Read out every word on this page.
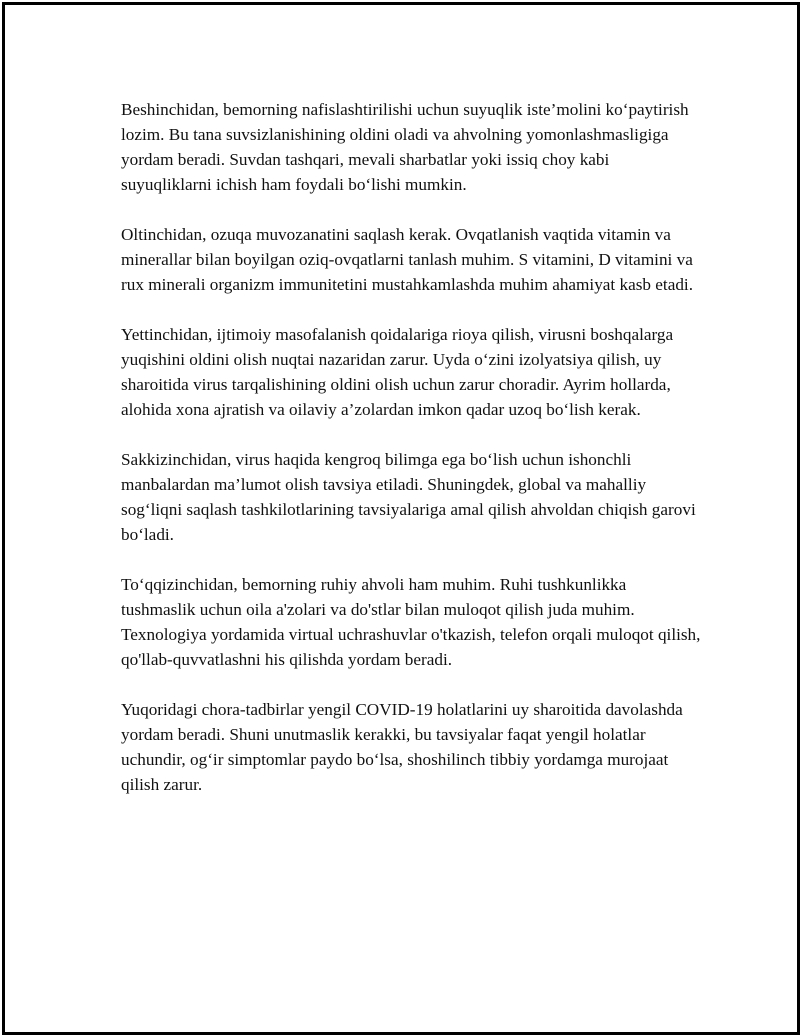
Beshinchidan, bemorning nafislashtirilishi uchun suyuqlik iste’molini ko‘paytirish lozim. Bu tana suvsizlanishining oldini oladi va ahvolning yomonlashmasligiga yordam beradi. Suvdan tashqari, mevali sharbatlar yoki issiq choy kabi suyuqliklarni ichish ham foydali bo‘lishi mumkin.

Oltinchidan, ozuqa muvozanatini saqlash kerak. Ovqatlanish vaqtida vitamin va minerallar bilan boyilgan oziq-ovqatlarni tanlash muhim. S vitamini, D vitamini va rux minerali organizm immunitetini mustahkamlashda muhim ahamiyat kasb etadi.

Yettinchidan, ijtimoiy masofalanish qoidalariga rioya qilish, virusni boshqalarga yuqishini oldini olish nuqtai nazaridan zarur. Uyda o‘zini izolyatsiya qilish, uy sharoitida virus tarqalishining oldini olish uchun zarur choradir. Ayrim hollarda, alohida xona ajratish va oilaviy a’zolardan imkon qadar uzoq bo‘lish kerak.

Sakkizinchidan, virus haqida kengroq bilimga ega bo‘lish uchun ishonchli manbalardan ma’lumot olish tavsiya etiladi. Shuningdek, global va mahalliy sog‘liqni saqlash tashkilotlarining tavsiyalariga amal qilish ahvoldan chiqish garovi bo‘ladi.

To‘qqizinchidan, bemorning ruhiy ahvoli ham muhim. Ruhi tushkunlikka tushmaslik uchun oila a'zolari va do'stlar bilan muloqot qilish juda muhim. Texnologiya yordamida virtual uchrashuvlar o'tkazish, telefon orqali muloqot qilish, qo'llab-quvvatlashni his qilishda yordam beradi.

Yuqoridagi chora-tadbirlar yengil COVID-19 holatlarini uy sharoitida davolashda yordam beradi. Shuni unutmaslik kerakki, bu tavsiyalar faqat yengil holatlar uchundir, og‘ir simptomlar paydo bo‘lsa, shoshilinch tibbiy yordamga murojaat qilish zarur.
